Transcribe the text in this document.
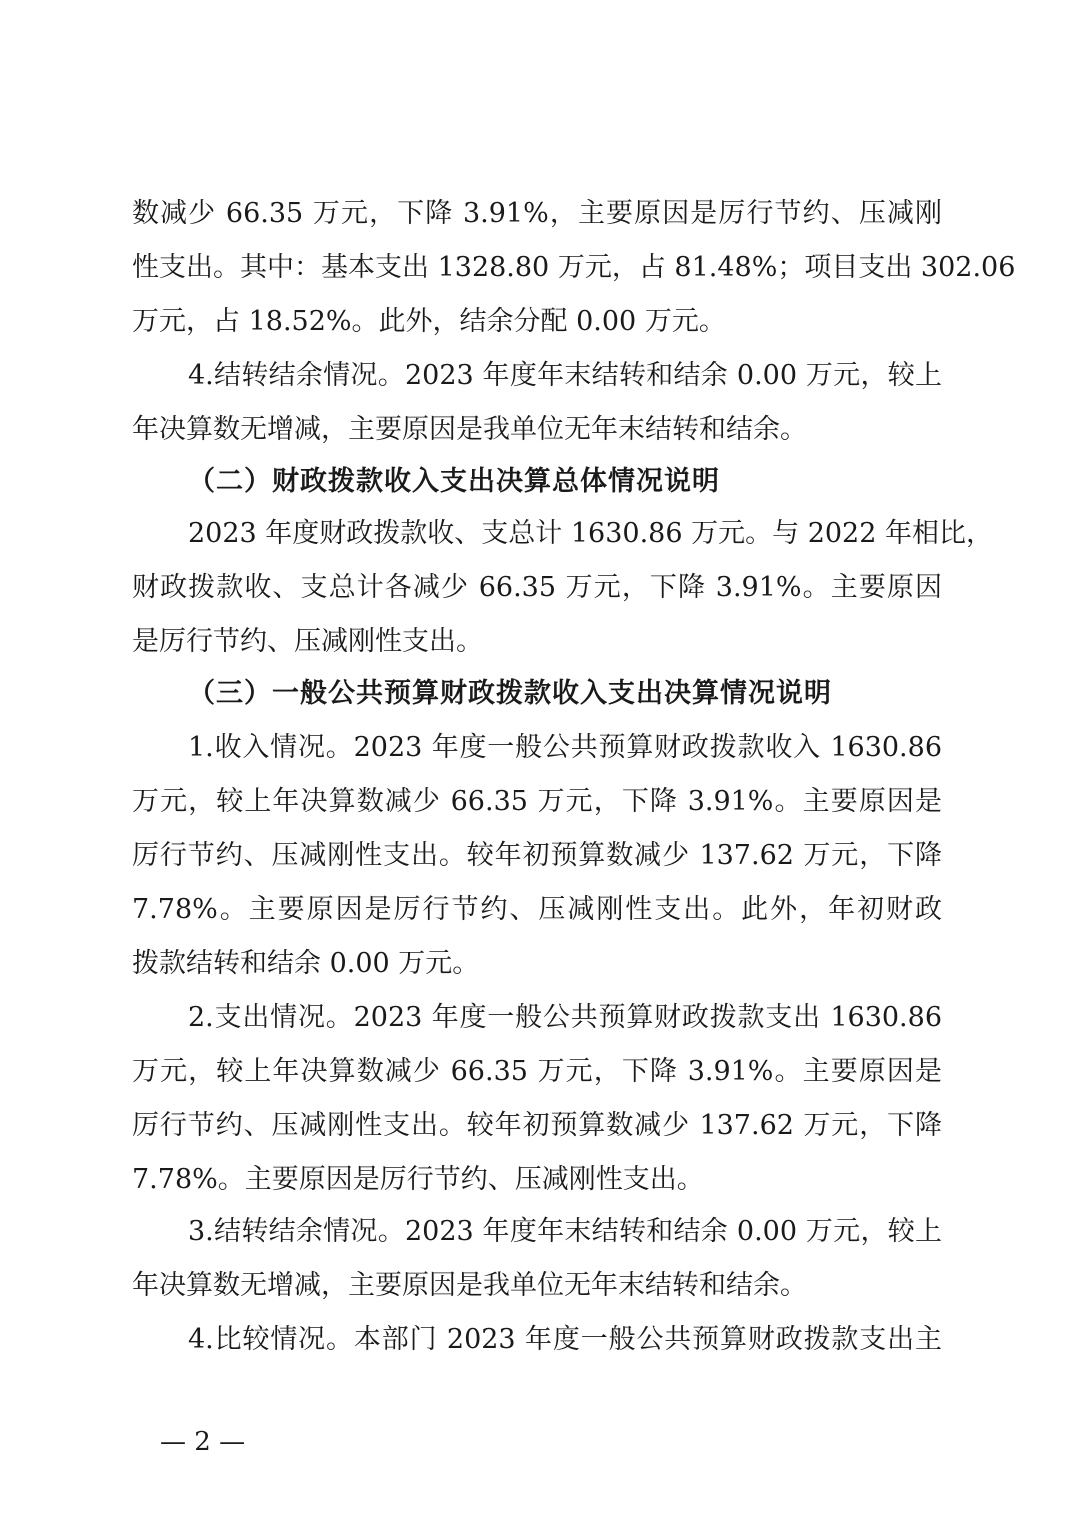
数减少 66.35 万元，下降 3.91%，主要原因是厉行节约、压减刚
性支出。其中：基本支出 1328.80 万元，占 81.48%；项目支出 302.06
万元，占 18.52%。此外，结余分配 0.00 万元。
4.结转结余情况。2023 年度年末结转和结余 0.00 万元，较上
年决算数无增减，主要原因是我单位无年末结转和结余。
（二）财政拨款收入支出决算总体情况说明
2023 年度财政拨款收、支总计 1630.86 万元。与 2022 年相比，
财政拨款收、支总计各减少 66.35 万元，下降 3.91%。主要原因
是厉行节约、压减刚性支出。
（三）一般公共预算财政拨款收入支出决算情况说明
1.收入情况。2023 年度一般公共预算财政拨款收入 1630.86
万元，较上年决算数减少 66.35 万元，下降 3.91%。主要原因是
厉行节约、压减刚性支出。较年初预算数减少 137.62 万元，下降
7.78%。主要原因是厉行节约、压减刚性支出。此外，年初财政
拨款结转和结余 0.00 万元。
2.支出情况。2023 年度一般公共预算财政拨款支出 1630.86
万元，较上年决算数减少 66.35 万元，下降 3.91%。主要原因是
厉行节约、压减刚性支出。较年初预算数减少 137.62 万元，下降
7.78%。主要原因是厉行节约、压减刚性支出。
3.结转结余情况。2023 年度年末结转和结余 0.00 万元，较上
年决算数无增减，主要原因是我单位无年末结转和结余。
4.比较情况。本部门 2023 年度一般公共预算财政拨款支出主
— 2 —
